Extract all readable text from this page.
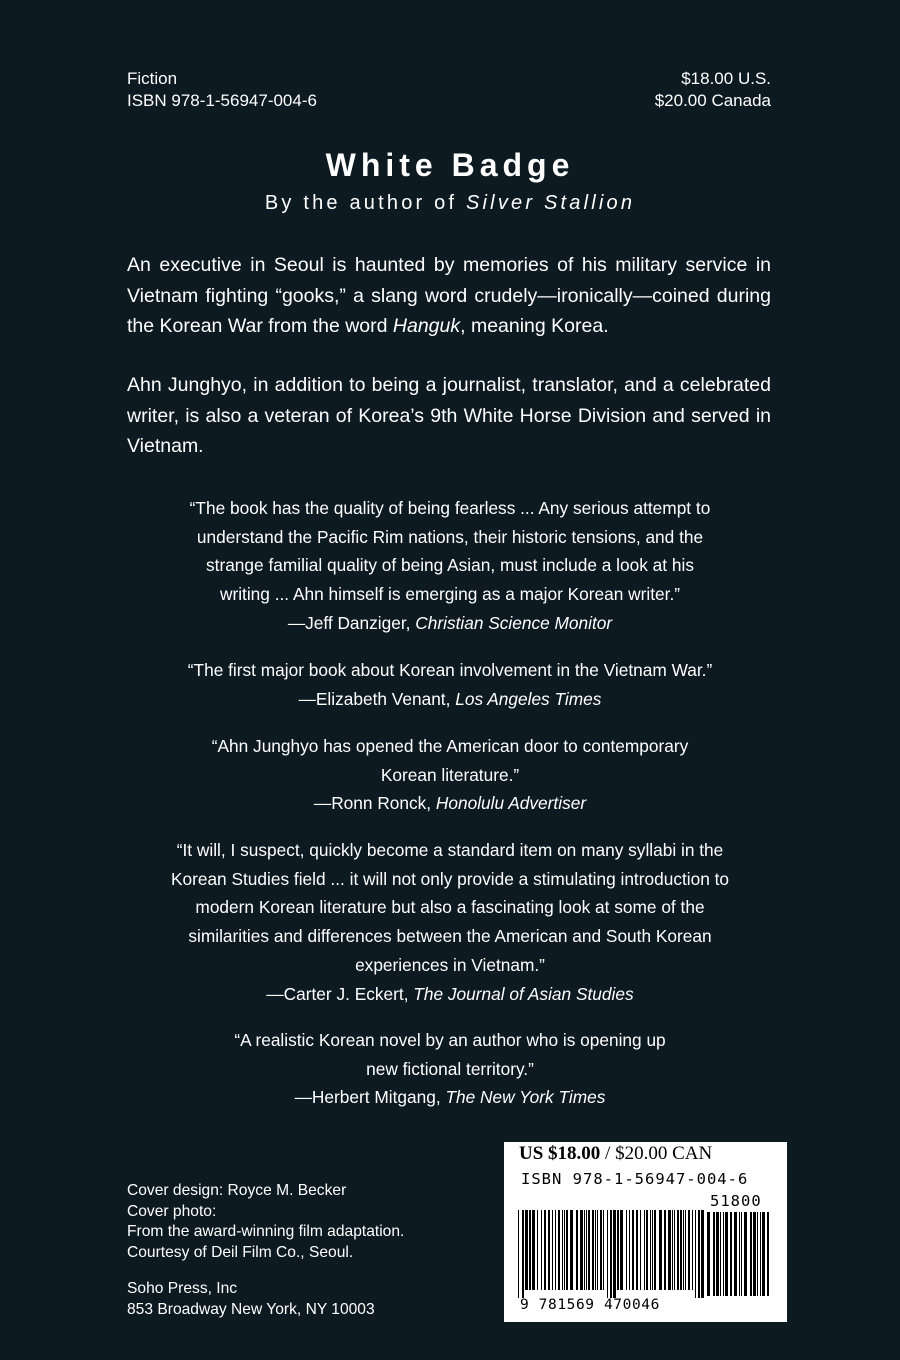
Fiction
ISBN 978-1-56947-004-6
$18.00 U.S.
$20.00 Canada
White Badge
By the author of Silver Stallion
An executive in Seoul is haunted by memories of his military service in Vietnam fighting “gooks,” a slang word crudely—ironically—coined during the Korean War from the word Hanguk, meaning Korea.
Ahn Junghyo, in addition to being a journalist, translator, and a celebrated writer, is also a veteran of Korea’s 9th White Horse Division and served in Vietnam.
“The book has the quality of being fearless ... Any serious attempt to
understand the Pacific Rim nations, their historic tensions, and the
strange familial quality of being Asian, must include a look at his
writing ... Ahn himself is emerging as a major Korean writer.”
—Jeff Danziger, Christian Science Monitor
“The first major book about Korean involvement in the Vietnam War.”
—Elizabeth Venant, Los Angeles Times
“Ahn Junghyo has opened the American door to contemporary
Korean literature.”
—Ronn Ronck, Honolulu Advertiser
“It will, I suspect, quickly become a standard item on many syllabi in the
Korean Studies field ... it will not only provide a stimulating introduction to
modern Korean literature but also a fascinating look at some of the
similarities and differences between the American and South Korean
experiences in Vietnam.”
—Carter J. Eckert, The Journal of Asian Studies
“A realistic Korean novel by an author who is opening up
new fictional territory.”
—Herbert Mitgang, The New York Times
Cover design: Royce M. Becker
Cover photo:
From the award-winning film adaptation.
Courtesy of Deil Film Co., Seoul.
Soho Press, Inc
853 Broadway New York, NY 10003
US $18.00 / $20.00 CAN
ISBN 978-1-56947-004-6
51800
9 781569 470046
